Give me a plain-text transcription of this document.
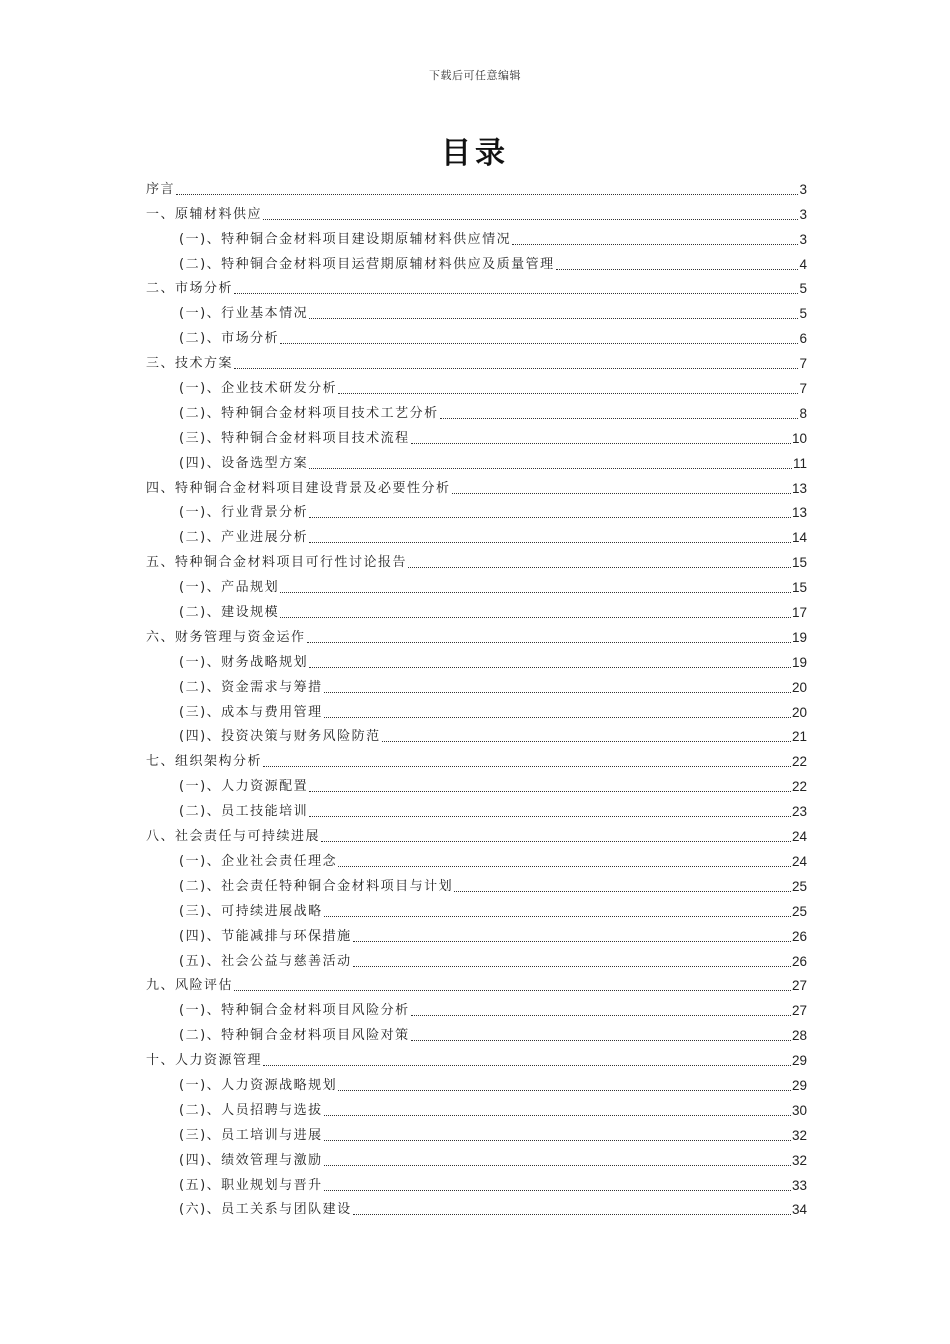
下载后可任意编辑
目录
序言	3
一、原辅材料供应	3
(一)、特种铜合金材料项目建设期原辅材料供应情况	3
(二)、特种铜合金材料项目运营期原辅材料供应及质量管理	4
二、市场分析	5
(一)、行业基本情况	5
(二)、市场分析	6
三、技术方案	7
(一)、企业技术研发分析	7
(二)、特种铜合金材料项目技术工艺分析	8
(三)、特种铜合金材料项目技术流程	10
(四)、设备选型方案	11
四、特种铜合金材料项目建设背景及必要性分析	13
(一)、行业背景分析	13
(二)、产业进展分析	14
五、特种铜合金材料项目可行性讨论报告	15
(一)、产品规划	15
(二)、建设规模	17
六、财务管理与资金运作	19
(一)、财务战略规划	19
(二)、资金需求与筹措	20
(三)、成本与费用管理	20
(四)、投资决策与财务风险防范	21
七、组织架构分析	22
(一)、人力资源配置	22
(二)、员工技能培训	23
八、社会责任与可持续进展	24
(一)、企业社会责任理念	24
(二)、社会责任特种铜合金材料项目与计划	25
(三)、可持续进展战略	25
(四)、节能减排与环保措施	26
(五)、社会公益与慈善活动	26
九、风险评估	27
(一)、特种铜合金材料项目风险分析	27
(二)、特种铜合金材料项目风险对策	28
十、人力资源管理	29
(一)、人力资源战略规划	29
(二)、人员招聘与选拔	30
(三)、员工培训与进展	32
(四)、绩效管理与激励	32
(五)、职业规划与晋升	33
(六)、员工关系与团队建设	34
